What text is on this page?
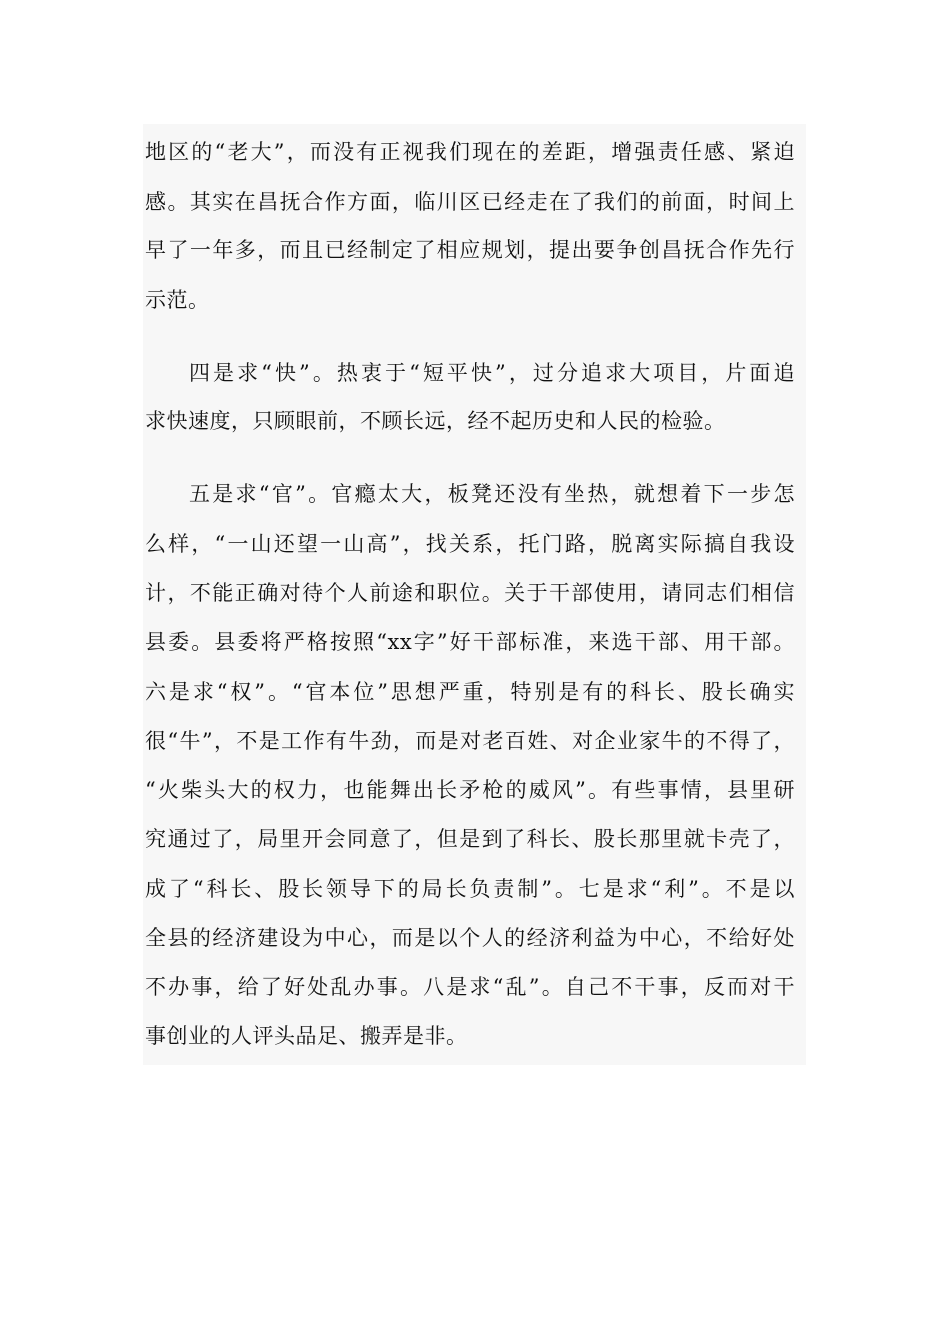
地区的“老大”，而没有正视我们现在的差距，增强责任感、紧迫
感。其实在昌抚合作方面，临川区已经走在了我们的前面，时间上
早了一年多，而且已经制定了相应规划，提出要争创昌抚合作先行
示范。
四是求“快”。热衷于“短平快”，过分追求大项目，片面追
求快速度，只顾眼前，不顾长远，经不起历史和人民的检验。
五是求“官”。官瘾太大，板凳还没有坐热，就想着下一步怎
么样，“一山还望一山高”，找关系，托门路，脱离实际搞自我设
计，不能正确对待个人前途和职位。关于干部使用，请同志们相信
县委。县委将严格按照“xx字”好干部标准，来选干部、用干部。
六是求“权”。“官本位”思想严重，特别是有的科长、股长确实
很“牛”，不是工作有牛劲，而是对老百姓、对企业家牛的不得了，
“火柴头大的权力，也能舞出长矛枪的威风”。有些事情，县里研
究通过了，局里开会同意了，但是到了科长、股长那里就卡壳了，
成了“科长、股长领导下的局长负责制”。七是求“利”。不是以
全县的经济建设为中心，而是以个人的经济利益为中心，不给好处
不办事，给了好处乱办事。八是求“乱”。自己不干事，反而对干
事创业的人评头品足、搬弄是非。
